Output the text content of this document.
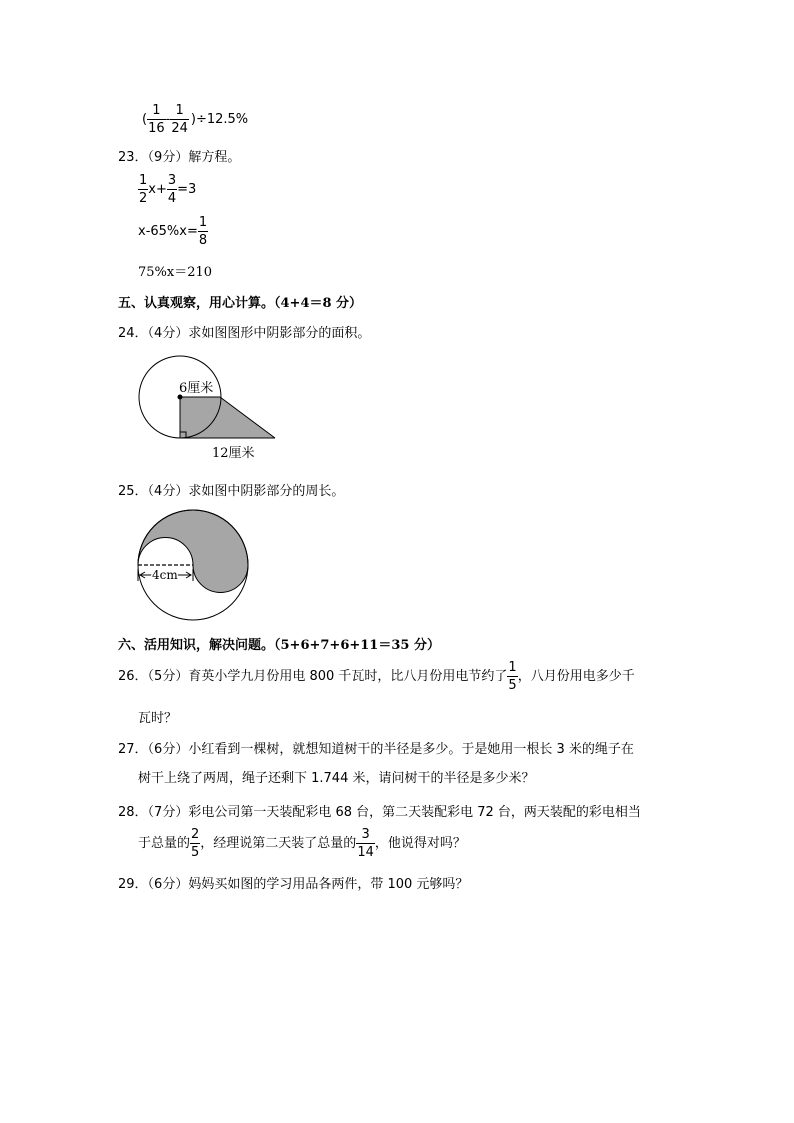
( $\frac{1}{16} - \frac{1}{24} )\div 12.5\%$
23．（9分）解方程。
$\frac{1}{2} x+ \frac{3}{4} =3$
$x-65\%x= \frac{1}{8}$
75%x＝210
五、认真观察，用心计算。（4+4＝8 分）
24．（4分）求如图图形中阴影部分的面积。
6厘米
12厘米
25．（4分）求如图中阴影部分的周长。
4cm
六、活用知识，解决问题。（5+6+7+6+11＝35 分）
26．（5分）育英小学九月份用电 800 千瓦时，比八月份用电节约了 $\frac{1}{5}$ ，八月份用电多少千
瓦时？
27．（6分）小红看到一棵树，就想知道树干的半径是多少。于是她用一根长 3 米的绳子在
树干上绕了两周，绳子还剩下 1.744 米，请问树干的半径是多少米？
28．（7分）彩电公司第一天装配彩电 68 台，第二天装配彩电 72 台，两天装配的彩电相当
于总量的 $\frac{2}{5}$ ，经理说第二天装了总量的 $\frac{3}{14}$ ，他说得对吗？
29．（6分）妈妈买如图的学习用品各两件，带 100 元够吗？
